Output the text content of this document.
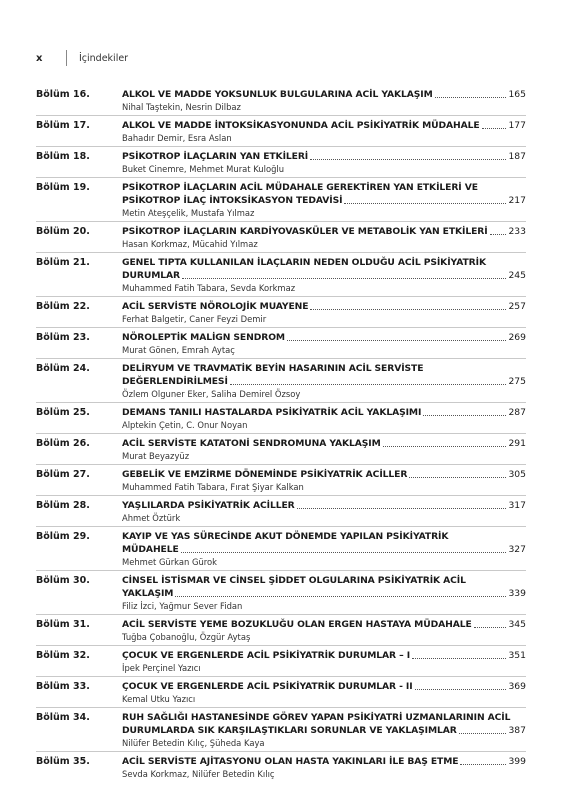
x	İçindekiler
Bölüm 16.	ALKOL VE MADDE YOKSUNLUK BULGULARINA ACİL YAKLAŞIM	165
Nihal Taştekin, Nesrin Dilbaz
Bölüm 17.	ALKOL VE MADDE İNTOKSİKASYONUNDA ACİL PSİKİYATRİK MÜDAHALE	177
Bahadır Demir, Esra Aslan
Bölüm 18.	PSİKOTROP İLAÇLARIN YAN ETKİLERİ	187
Buket Cinemre, Mehmet Murat Kuloğlu
Bölüm 19.	PSİKOTROP İLAÇLARIN ACİL MÜDAHALE GEREKTİREN YAN ETKİLERİ VE
PSİKOTROP İLAÇ İNTOKSİKASYON TEDAVİSİ	217
Metin Ateşçelik, Mustafa Yılmaz
Bölüm 20.	PSİKOTROP İLAÇLARIN KARDİYOVASKÜLER VE METABOLİK YAN ETKİLERİ 233
Hasan Korkmaz, Mücahid Yılmaz
Bölüm 21.	GENEL TIPTA KULLANILAN İLAÇLARIN NEDEN OLDUĞU ACİL PSİKİYATRİK
DURUMLAR	245
Muhammed Fatih Tabara, Sevda Korkmaz
Bölüm 22.	ACİL SERVİSTE NÖROLOJİK MUAYENE	257
Ferhat Balgetir, Caner Feyzi Demir
Bölüm 23.	NÖROLEPTİK MALİGN SENDROM	269
Murat Gönen, Emrah Aytaç
Bölüm 24.	DELİRYUM VE TRAVMATİK BEYİN HASARININ ACİL SERVİSTE
DEĞERLENDİRİLMESİ	275
Özlem Olguner Eker, Saliha Demirel Özsoy
Bölüm 25.	DEMANS TANILI HASTALARDA PSİKİYATRİK ACİL YAKLAŞIMI	287
Alptekin Çetin, C. Onur Noyan
Bölüm 26.	ACİL SERVİSTE KATATONİ SENDROMUNA YAKLAŞIM	291
Murat Beyazyüz
Bölüm 27.	GEBELİK VE EMZİRME DÖNEMİNDE PSİKİYATRİK ACİLLER	305
Muhammed Fatih Tabara, Fırat Şiyar Kalkan
Bölüm 28.	YAŞLILARDA PSİKİYATRİK ACİLLER	317
Ahmet Öztürk
Bölüm 29.	KAYIP VE YAS SÜRECİNDE AKUT DÖNEMDE YAPILAN PSİKİYATRİK
MÜDAHELE	327
Mehmet Gürkan Gürok
Bölüm 30.	CİNSEL İSTİSMAR VE CİNSEL ŞİDDET OLGULARINA PSİKİYATRİK ACİL
YAKLAŞIM	339
Filiz İzci, Yağmur Sever Fidan
Bölüm 31.	ACİL SERVİSTE YEME BOZUKLUĞU OLAN ERGEN HASTAYA MÜDAHALE	345
Tuğba Çobanoğlu, Özgür Aytaş
Bölüm 32.	ÇOCUK VE ERGENLERDE ACİL PSİKİYATRİK DURUMLAR – I	351
İpek Perçinel Yazıcı
Bölüm 33.	ÇOCUK VE ERGENLERDE ACİL PSİKİYATRİK DURUMLAR - II	369
Kemal Utku Yazıcı
Bölüm 34.	RUH SAĞLIĞI HASTANESİNDE GÖREV YAPAN PSİKİYATRİ UZMANLARININ ACİL
DURUMLARDA SIK KARŞILAŞTIKLARI SORUNLAR VE YAKLAŞIMLAR	387
Nilüfer Betedin Kılıç, Şüheda Kaya
Bölüm 35.	ACİL SERVİSTE AJİTASYONU OLAN HASTA YAKINLARI İLE BAŞ ETME	399
Sevda Korkmaz, Nilüfer Betedin Kılıç
